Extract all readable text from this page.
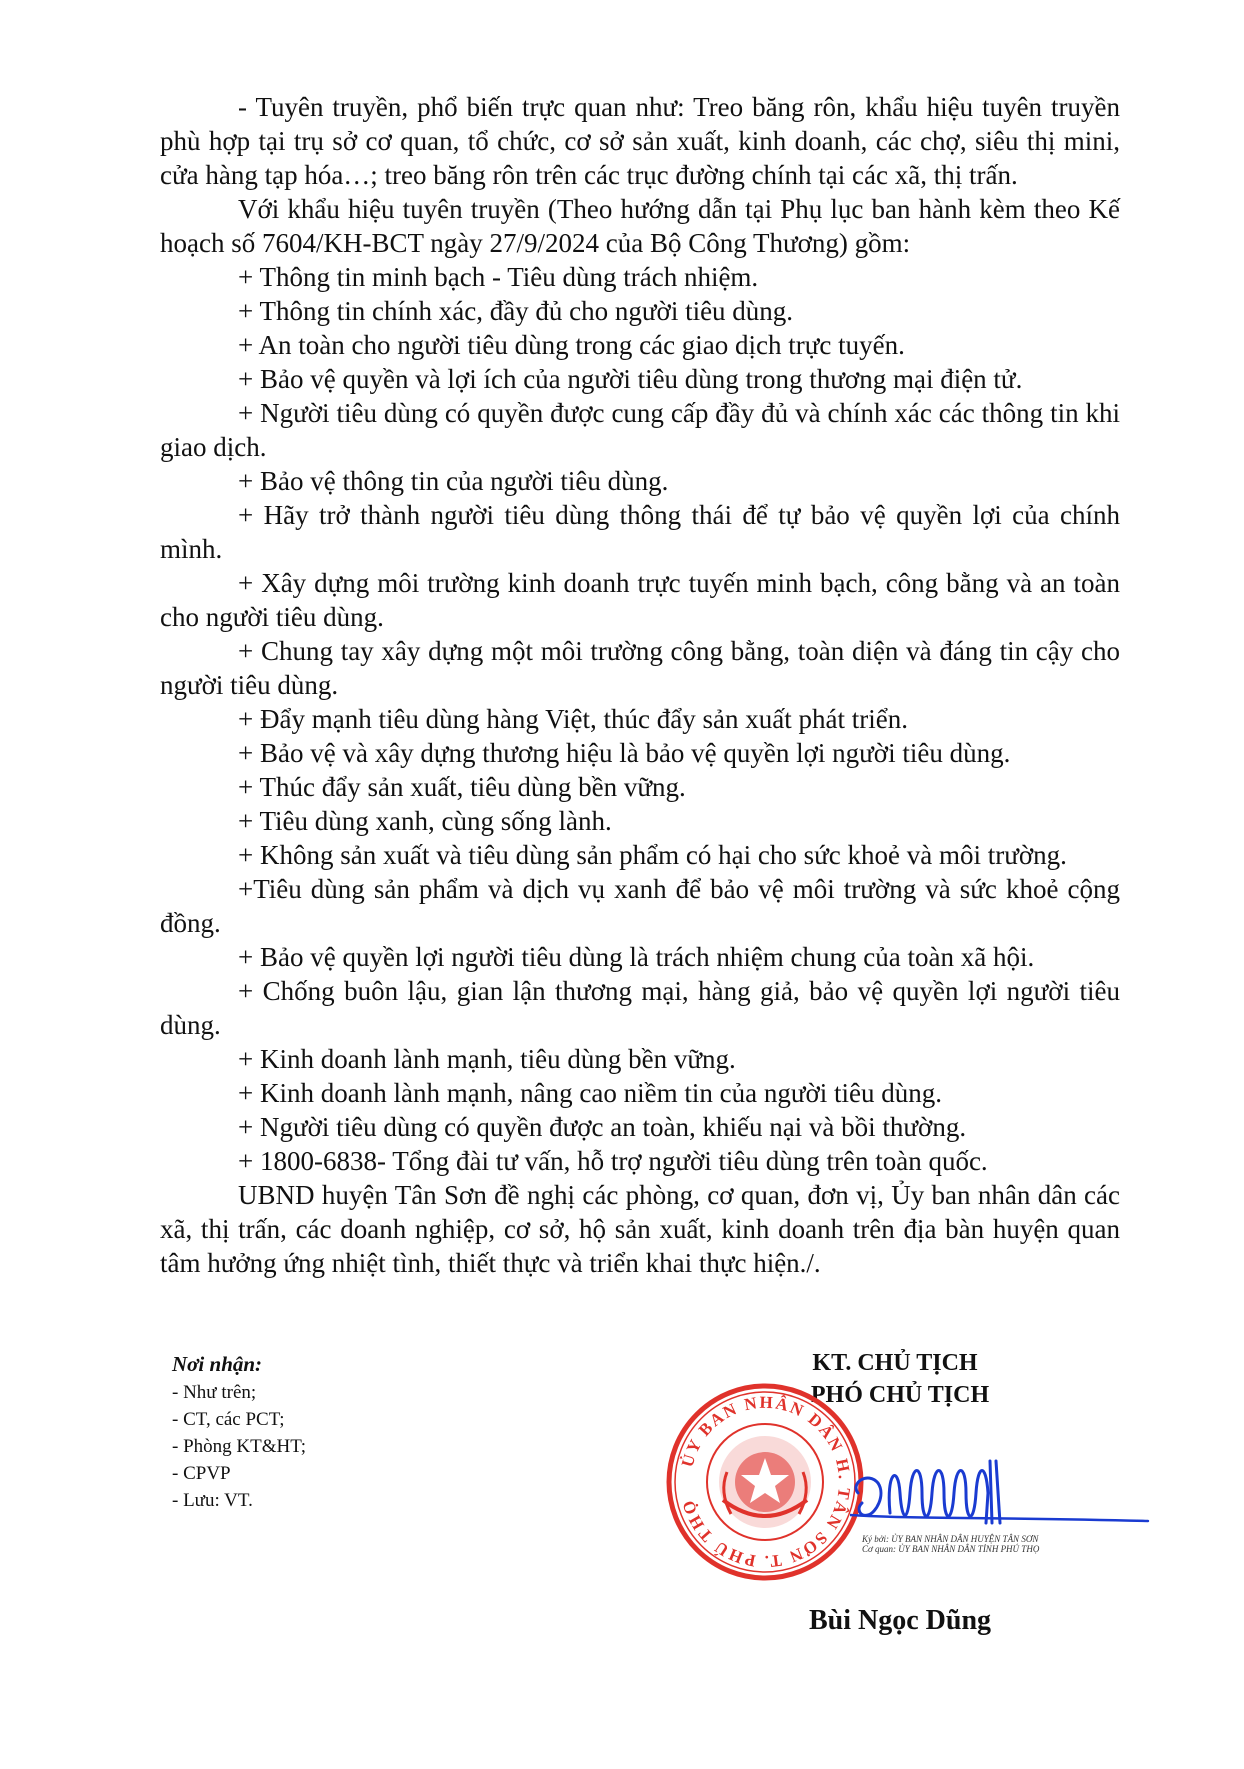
- Tuyên truyền, phổ biến trực quan như: Treo băng rôn, khẩu hiệu tuyên truyền phù hợp tại trụ sở cơ quan, tổ chức, cơ sở sản xuất, kinh doanh, các chợ, siêu thị mini, cửa hàng tạp hóa…; treo băng rôn trên các trục đường chính tại các xã, thị trấn.

Với khẩu hiệu tuyên truyền (Theo hướng dẫn tại Phụ lục ban hành kèm theo Kế hoạch số 7604/KH-BCT ngày 27/9/2024 của Bộ Công Thương) gồm:

+ Thông tin minh bạch - Tiêu dùng trách nhiệm.

+ Thông tin chính xác, đầy đủ cho người tiêu dùng.

+ An toàn cho người tiêu dùng trong các giao dịch trực tuyến.

+ Bảo vệ quyền và lợi ích của người tiêu dùng trong thương mại điện tử.

+ Người tiêu dùng có quyền được cung cấp đầy đủ và chính xác các thông tin khi giao dịch.

+ Bảo vệ thông tin của người tiêu dùng.

+ Hãy trở thành người tiêu dùng thông thái để tự bảo vệ quyền lợi của chính mình.

+ Xây dựng môi trường kinh doanh trực tuyến minh bạch, công bằng và an toàn cho người tiêu dùng.

+ Chung tay xây dựng một môi trường công bằng, toàn diện và đáng tin cậy cho người tiêu dùng.

+ Đẩy mạnh tiêu dùng hàng Việt, thúc đẩy sản xuất phát triển.

+ Bảo vệ và xây dựng thương hiệu là bảo vệ quyền lợi người tiêu dùng.

+ Thúc đẩy sản xuất, tiêu dùng bền vững.

+ Tiêu dùng xanh, cùng sống lành.

+ Không sản xuất và tiêu dùng sản phẩm có hại cho sức khoẻ và môi trường.

+Tiêu dùng sản phẩm và dịch vụ xanh để bảo vệ môi trường và sức khoẻ cộng đồng.

+ Bảo vệ quyền lợi người tiêu dùng là trách nhiệm chung của toàn xã hội.

+ Chống buôn lậu, gian lận thương mại, hàng giả, bảo vệ quyền lợi người tiêu dùng.

+ Kinh doanh lành mạnh, tiêu dùng bền vững.

+ Kinh doanh lành mạnh, nâng cao niềm tin của người tiêu dùng.

+ Người tiêu dùng có quyền được an toàn, khiếu nại và bồi thường.

+ 1800-6838- Tổng đài tư vấn, hỗ trợ người tiêu dùng trên toàn quốc.

UBND huyện Tân Sơn đề nghị các phòng, cơ quan, đơn vị, Ủy ban nhân dân các xã, thị trấn, các doanh nghiệp, cơ sở, hộ sản xuất, kinh doanh trên địa bàn huyện quan tâm hưởng ứng nhiệt tình, thiết thực và triển khai thực hiện./.

Nơi nhận:
- Như trên;
- CT, các PCT;
- Phòng KT&HT;
- CPVP
- Lưu: VT.
KT. CHỦ TỊCH
PHÓ CHỦ TỊCH
ỦY BAN NHÂN DÂN H. TÂN SƠN T. PHÚ THỌ
Ký bởi: ỦY BAN NHÂN DÂN HUYỆN TÂN SƠN
Cơ quan: ỦY BAN NHÂN DÂN TỈNH PHÚ THỌ
Bùi Ngọc Dũng
